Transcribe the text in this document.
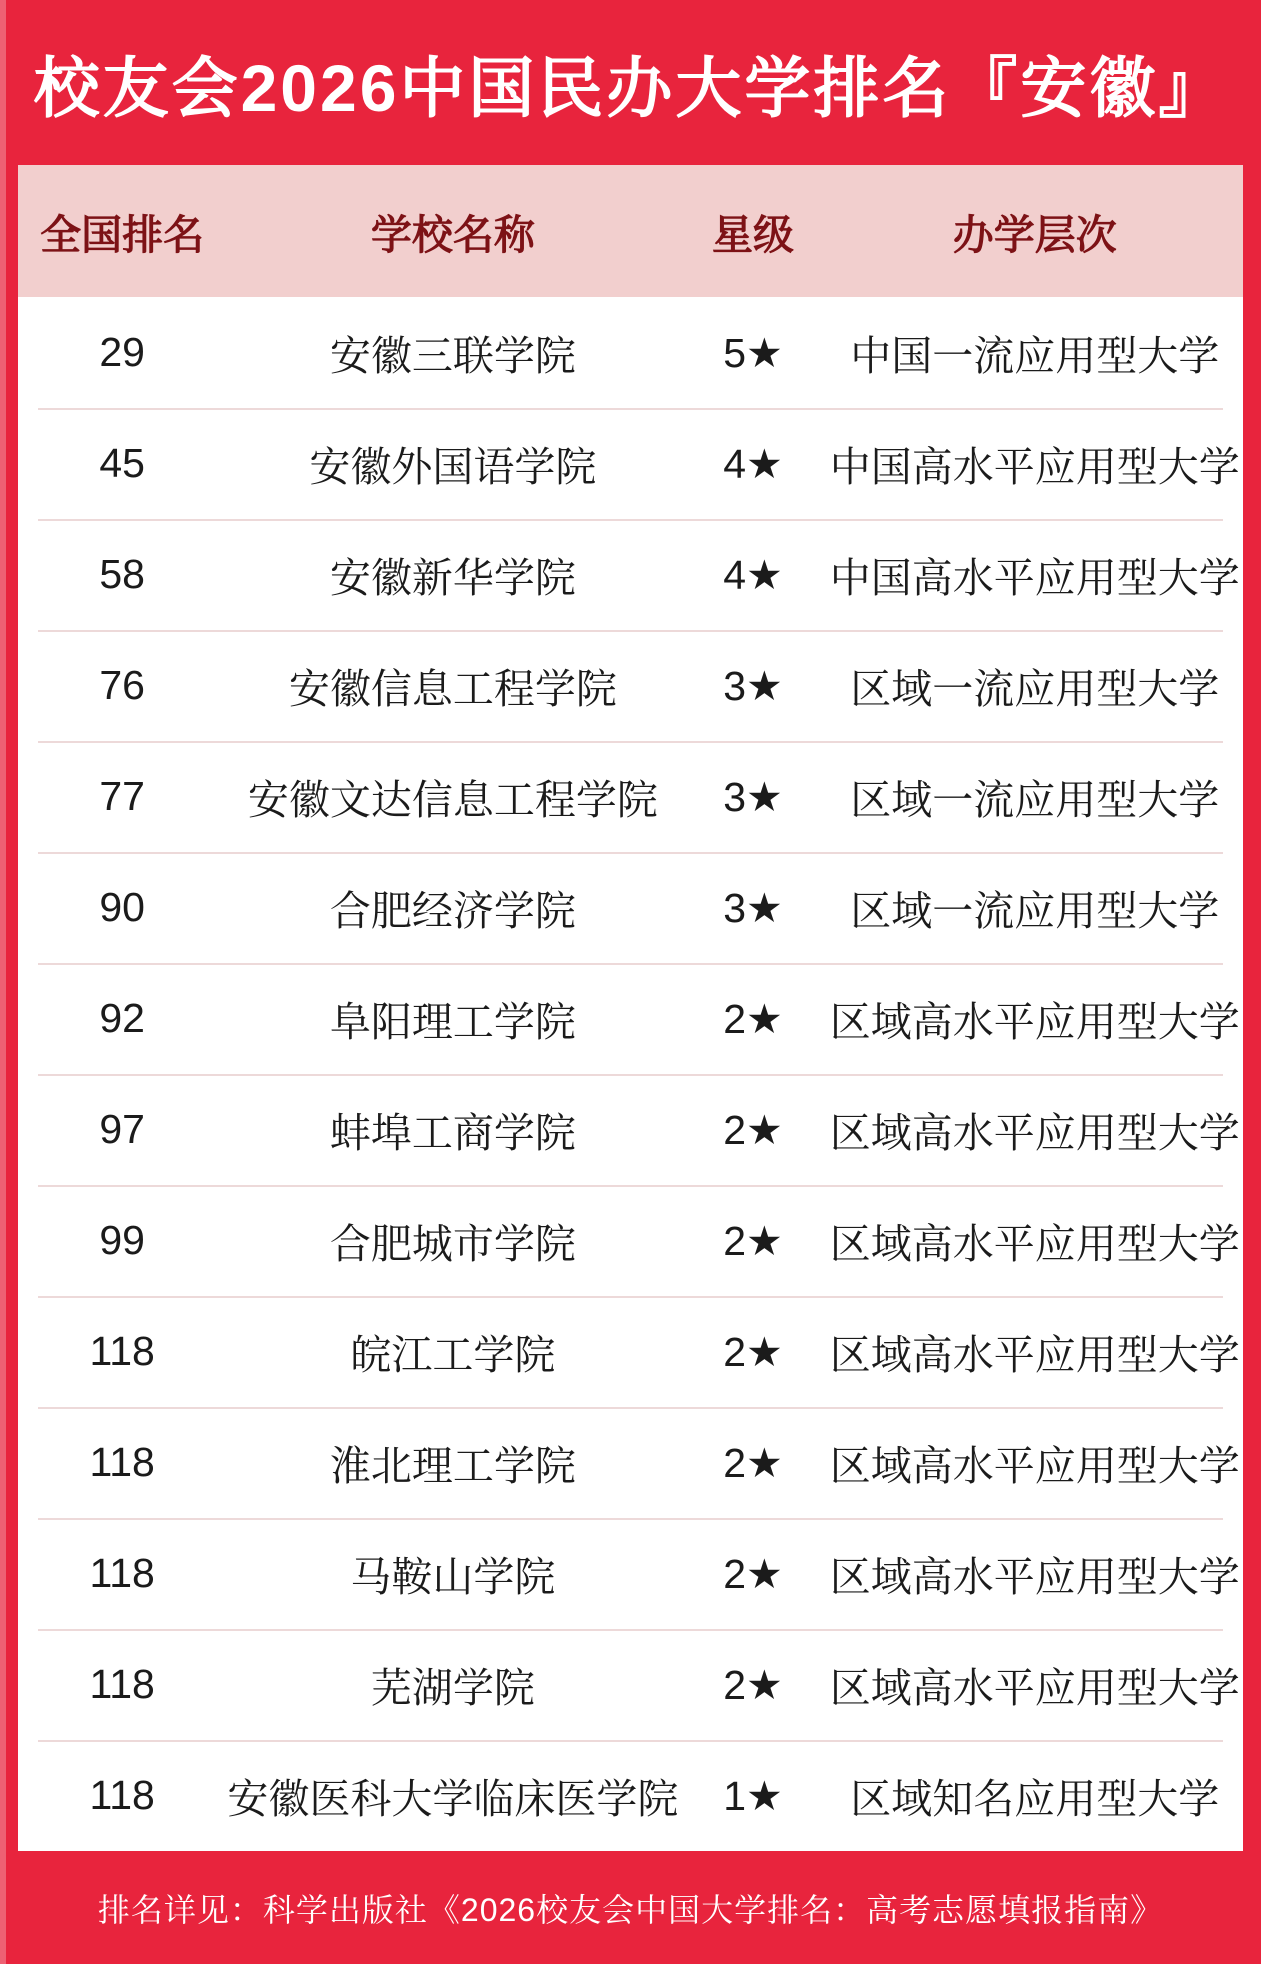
校友会2026中国民办大学排名『安徽』
全国排名	学校名称	星级	办学层次
29	安徽三联学院	5★	中国一流应用型大学
45	安徽外国语学院	4★	中国高水平应用型大学
58	安徽新华学院	4★	中国高水平应用型大学
76	安徽信息工程学院	3★	区域一流应用型大学
77	安徽文达信息工程学院	3★	区域一流应用型大学
90	合肥经济学院	3★	区域一流应用型大学
92	阜阳理工学院	2★	区域高水平应用型大学
97	蚌埠工商学院	2★	区域高水平应用型大学
99	合肥城市学院	2★	区域高水平应用型大学
118	皖江工学院	2★	区域高水平应用型大学
118	淮北理工学院	2★	区域高水平应用型大学
118	马鞍山学院	2★	区域高水平应用型大学
118	芜湖学院	2★	区域高水平应用型大学
118	安徽医科大学临床医学院	1★	区域知名应用型大学
排名详见：科学出版社《2026校友会中国大学排名：高考志愿填报指南》
